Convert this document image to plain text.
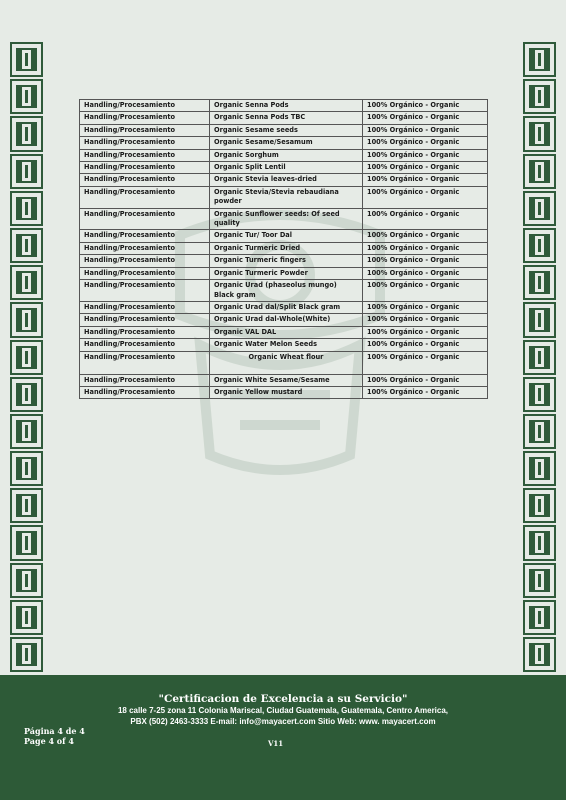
Handling/Procesamiento	Organic Senna Pods	100% Orgánico - Organic
Handling/Procesamiento	Organic Senna Pods TBC	100% Orgánico - Organic
Handling/Procesamiento	Organic Sesame seeds	100% Orgánico - Organic
Handling/Procesamiento	Organic Sesame/Sesamum	100% Orgánico - Organic
Handling/Procesamiento	Organic Sorghum	100% Orgánico - Organic
Handling/Procesamiento	Organic Split Lentil	100% Orgánico - Organic
Handling/Procesamiento	Organic Stevia leaves-dried	100% Orgánico - Organic
Handling/Procesamiento	Organic Stevia/Stevia rebaudiana powder	100% Orgánico - Organic
Handling/Procesamiento	Organic Sunflower seeds: Of seed quality	100% Orgánico - Organic
Handling/Procesamiento	Organic Tur/ Toor Dal	100% Orgánico - Organic
Handling/Procesamiento	Organic Turmeric Dried	100% Orgánico - Organic
Handling/Procesamiento	Organic Turmeric fingers	100% Orgánico - Organic
Handling/Procesamiento	Organic Turmeric Powder	100% Orgánico - Organic
Handling/Procesamiento	Organic Urad (phaseolus mungo) Black gram	100% Orgánico - Organic
Handling/Procesamiento	Organic Urad dal/Split Black gram	100% Orgánico - Organic
Handling/Procesamiento	Organic Urad dal-Whole(White)	100% Orgánico - Organic
Handling/Procesamiento	Organic VAL DAL	100% Orgánico - Organic
Handling/Procesamiento	Organic Water Melon Seeds	100% Orgánico - Organic
Handling/Procesamiento	Organic Wheat flour	100% Orgánico - Organic
Handling/Procesamiento	Organic White Sesame/Sesame	100% Orgánico - Organic
Handling/Procesamiento	Organic Yellow mustard	100% Orgánico - Organic
"Certificacion de Excelencia a su Servicio"
18 calle 7-25 zona 11 Colonia Mariscal, Ciudad Guatemala, Guatemala, Centro America,
PBX (502) 2463-3333 E-mail: info@mayacert.com Sitio Web: www. mayacert.com
Página 4 de 4
Page 4 of 4	V11
